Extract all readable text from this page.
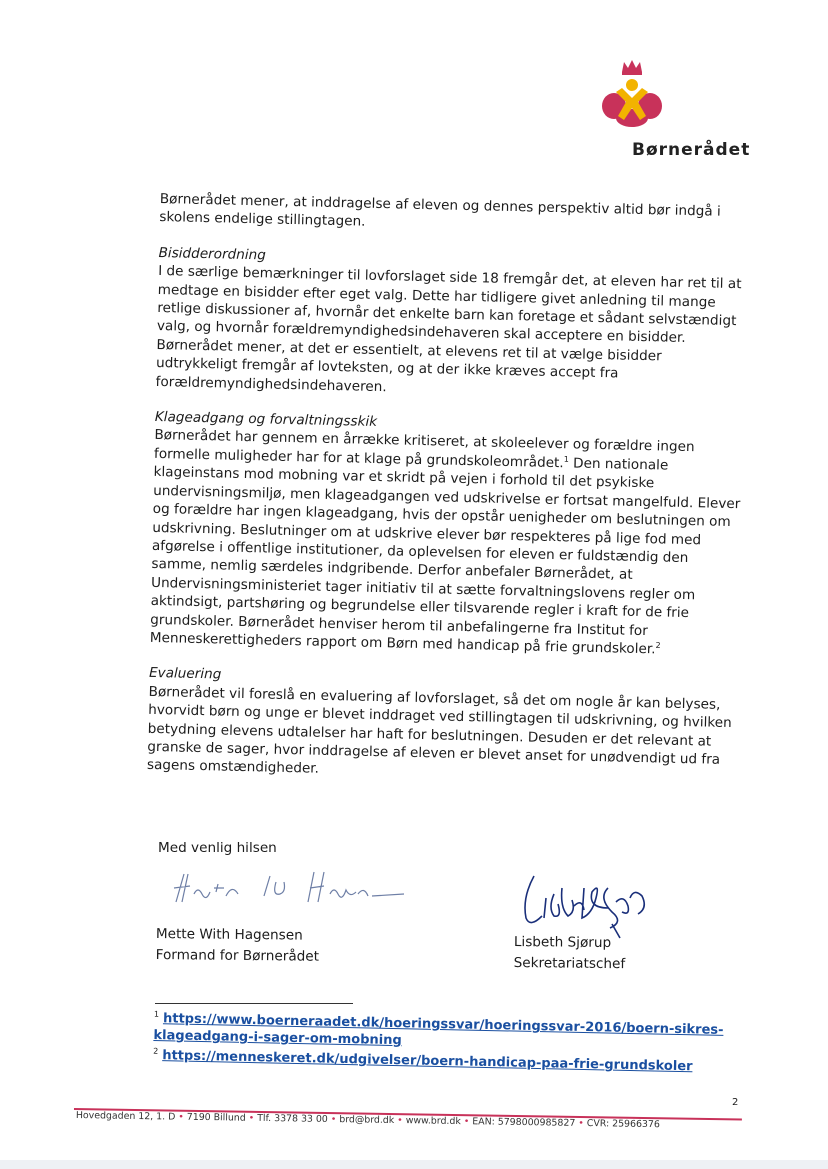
Børnerådet

Børnerådet mener, at inddragelse af eleven og dennes perspektiv altid bør indgå i skolens endelige stillingtagen.

Bisidderordning
I de særlige bemærkninger til lovforslaget side 18 fremgår det, at eleven har ret til at medtage en bisidder efter eget valg. Dette har tidligere givet anledning til mange retlige diskussioner af, hvornår det enkelte barn kan foretage et sådant selvstændigt valg, og hvornår forældremyndighedsindehaveren skal acceptere en bisidder. Børnerådet mener, at det er essentielt, at elevens ret til at vælge bisidder udtrykkeligt fremgår af lovteksten, og at der ikke kræves accept fra forældremyndighedsindehaveren.

Klageadgang og forvaltningsskik
Børnerådet har gennem en årrække kritiseret, at skoleelever og forældre ingen formelle muligheder har for at klage på grundskoleområdet.$^1$ Den nationale klageinstans mod mobning var et skridt på vejen i forhold til det psykiske undervisningsmiljø, men klageadgangen ved udskrivelse er fortsat mangelfuld. Elever og forældre har ingen klageadgang, hvis der opstår uenigheder om beslutningen om udskrivning. Beslutninger om at udskrive elever bør respekteres på lige fod med afgørelse i offentlige institutioner, da oplevelsen for eleven er fuldstændig den samme, nemlig særdeles indgribende. Derfor anbefaler Børnerådet, at Undervisningsministeriet tager initiativ til at sætte forvaltningslovens regler om aktindsigt, partshøring og begrundelse eller tilsvarende regler i kraft for de frie grundskoler. Børnerådet henviser herom til anbefalingerne fra Institut for Menneskerettigheders rapport om Børn med handicap på frie grundskoler.$^2$

Evaluering
Børnerådet vil foreslå en evaluering af lovforslaget, så det om nogle år kan belyses, hvorvidt børn og unge er blevet inddraget ved stillingtagen til udskrivning, og hvilken betydning elevens udtalelser har haft for beslutningen. Desuden er det relevant at granske de sager, hvor inddragelse af eleven er blevet anset for unødvendigt ud fra sagens omstændigheder.

Med venlig hilsen
Mette With Hagensen
Formand for Børnerådet
Lisbeth Sjørup
Sekretariatschef
$^1$ https://www.boerneraadet.dk/hoeringssvar/hoeringssvar-2016/boern-sikres-klageadgang-i-sager-om-mobning
$^2$ https://menneskeret.dk/udgivelser/boern-handicap-paa-frie-grundskoler
2
Hovedgaden 12, 1. D • 7190 Billund • Tlf. 3378 33 00 • brd@brd.dk • www.brd.dk • EAN: 5798000985827 • CVR: 25966376
